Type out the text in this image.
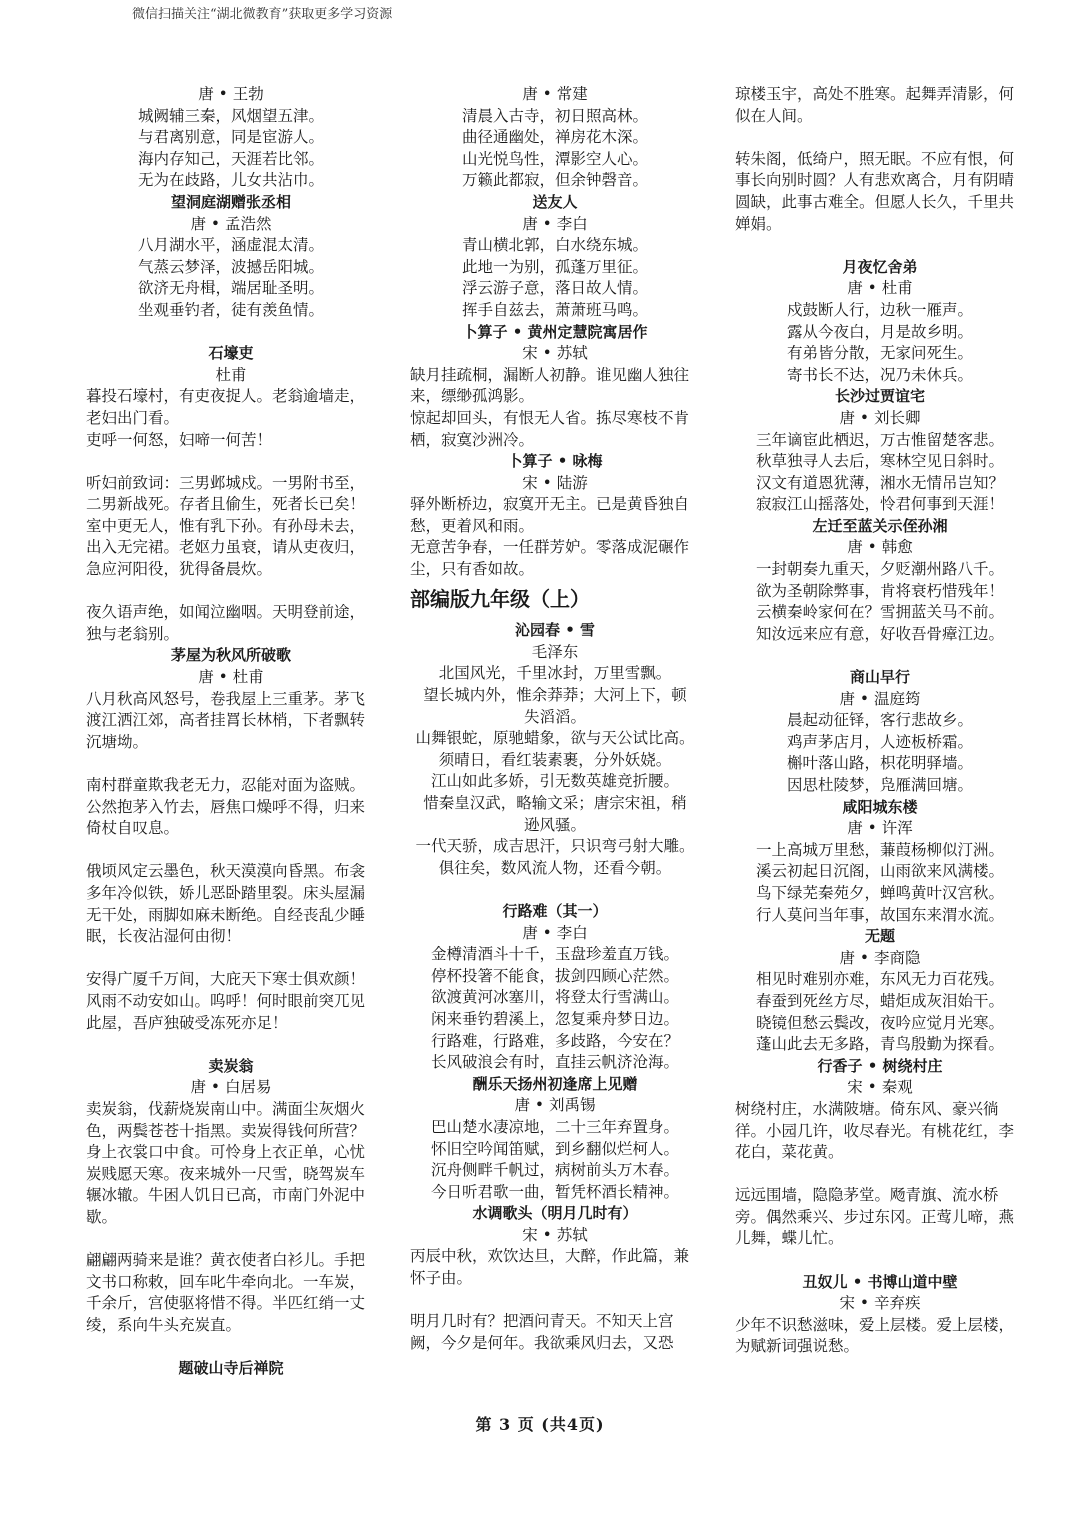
微信扫描关注“湖北微教育”获取更多学习资源
唐 • 王勃
城阙辅三秦，风烟望五津。
与君离别意，同是宦游人。
海内存知己，天涯若比邻。
无为在歧路，儿女共沾巾。
望洞庭湖赠张丞相
唐 • 孟浩然
八月湖水平，涵虚混太清。
气蒸云梦泽，波撼岳阳城。
欲济无舟楫，端居耻圣明。
坐观垂钓者，徒有羡鱼情。
石壕吏
杜甫
暮投石壕村，有吏夜捉人。老翁逾墙走，老妇出门看。
吏呼一何怒，妇啼一何苦！
听妇前致词：三男邺城戍。一男附书至，二男新战死。存者且偷生，死者长已矣！室中更无人，惟有乳下孙。有孙母未去，出入无完裙。老妪力虽衰，请从吏夜归，急应河阳役，犹得备晨炊。
夜久语声绝，如闻泣幽咽。天明登前途，独与老翁别。
茅屋为秋风所破歌
唐 • 杜甫
八月秋高风怒号，卷我屋上三重茅。茅飞渡江洒江郊，高者挂罥长林梢，下者飘转沉塘坳。
南村群童欺我老无力，忍能对面为盗贼。公然抱茅入竹去，唇焦口燥呼不得，归来倚杖自叹息。
俄顷风定云墨色，秋天漠漠向昏黑。布衾多年冷似铁，娇儿恶卧踏里裂。床头屋漏无干处，雨脚如麻未断绝。自经丧乱少睡眠，长夜沾湿何由彻！
安得广厦千万间，大庇天下寒士俱欢颜！风雨不动安如山。呜呼！何时眼前突兀见此屋，吾庐独破受冻死亦足！
卖炭翁
唐 • 白居易
卖炭翁，伐薪烧炭南山中。满面尘灰烟火色，两鬓苍苍十指黑。卖炭得钱何所营？身上衣裳口中食。可怜身上衣正单，心忧炭贱愿天寒。夜来城外一尺雪，晓驾炭车辗冰辙。牛困人饥日已高，市南门外泥中歇。
翩翩两骑来是谁？黄衣使者白衫儿。手把文书口称敕，回车叱牛牵向北。一车炭，千余斤，宫使驱将惜不得。半匹红绡一丈绫，系向牛头充炭直。
题破山寺后禅院
唐 • 常建
清晨入古寺，初日照高林。
曲径通幽处，禅房花木深。
山光悦鸟性，潭影空人心。
万籁此都寂，但余钟磬音。
送友人
唐 • 李白
青山横北郭，白水绕东城。
此地一为别，孤蓬万里征。
浮云游子意，落日故人情。
挥手自兹去，萧萧班马鸣。
卜算子 • 黄州定慧院寓居作
宋 • 苏轼
缺月挂疏桐，漏断人初静。谁见幽人独往来，缥缈孤鸿影。
惊起却回头，有恨无人省。拣尽寒枝不肯栖，寂寞沙洲冷。
卜算子 • 咏梅
宋 • 陆游
驿外断桥边，寂寞开无主。已是黄昏独自愁，更着风和雨。
无意苦争春，一任群芳妒。零落成泥碾作尘，只有香如故。
部编版九年级（上）
沁园春 • 雪
毛泽东
北国风光，千里冰封，万里雪飘。
望长城内外，惟余莽莽；大河上下，顿
失滔滔。
山舞银蛇，原驰蜡象，欲与天公试比高。
须晴日，看红装素裹，分外妖娆。
江山如此多娇，引无数英雄竞折腰。
惜秦皇汉武，略输文采；唐宗宋祖，稍
逊风骚。
一代天骄，成吉思汗，只识弯弓射大雕。
俱往矣，数风流人物，还看今朝。
行路难（其一）
唐 • 李白
金樽清酒斗十千，玉盘珍羞直万钱。
停杯投箸不能食，拔剑四顾心茫然。
欲渡黄河冰塞川，将登太行雪满山。
闲来垂钓碧溪上，忽复乘舟梦日边。
行路难，行路难，多歧路，今安在？
长风破浪会有时，直挂云帆济沧海。
酬乐天扬州初逢席上见赠
唐 • 刘禹锡
巴山楚水凄凉地，二十三年弃置身。
怀旧空吟闻笛赋，到乡翻似烂柯人。
沉舟侧畔千帆过，病树前头万木春。
今日听君歌一曲，暂凭杯酒长精神。
水调歌头（明月几时有）
宋 • 苏轼
丙辰中秋，欢饮达旦，大醉，作此篇，兼怀子由。
明月几时有？把酒问青天。不知天上宫阙，今夕是何年。我欲乘风归去，又恐
琼楼玉宇，高处不胜寒。起舞弄清影，何似在人间。
转朱阁，低绮户，照无眠。不应有恨，何事长向别时圆？人有悲欢离合，月有阴晴圆缺，此事古难全。但愿人长久，千里共婵娟。
月夜忆舍弟
唐 • 杜甫
戍鼓断人行，边秋一雁声。
露从今夜白，月是故乡明。
有弟皆分散，无家问死生。
寄书长不达，况乃未休兵。
长沙过贾谊宅
唐 • 刘长卿
三年谪宦此栖迟，万古惟留楚客悲。
秋草独寻人去后，寒林空见日斜时。
汉文有道恩犹薄，湘水无情吊岂知？
寂寂江山摇落处，怜君何事到天涯！
左迁至蓝关示侄孙湘
唐 • 韩愈
一封朝奏九重天，夕贬潮州路八千。
欲为圣朝除弊事，肯将衰朽惜残年！
云横秦岭家何在？雪拥蓝关马不前。
知汝远来应有意，好收吾骨瘴江边。
商山早行
唐 • 温庭筠
晨起动征铎，客行悲故乡。
鸡声茅店月，人迹板桥霜。
槲叶落山路，枳花明驿墙。
因思杜陵梦，凫雁满回塘。
咸阳城东楼
唐 • 许浑
一上高城万里愁，蒹葭杨柳似汀洲。
溪云初起日沉阁，山雨欲来风满楼。
鸟下绿芜秦苑夕，蝉鸣黄叶汉宫秋。
行人莫问当年事，故国东来渭水流。
无题
唐 • 李商隐
相见时难别亦难，东风无力百花残。
春蚕到死丝方尽，蜡炬成灰泪始干。
晓镜但愁云鬓改，夜吟应觉月光寒。
蓬山此去无多路，青鸟殷勤为探看。
行香子 • 树绕村庄
宋 • 秦观
树绕村庄，水满陂塘。倚东风、豪兴徜徉。小园几许，收尽春光。有桃花红，李花白，菜花黄。
远远围墙，隐隐茅堂。飏青旗、流水桥旁。偶然乘兴、步过东冈。正莺儿啼，燕儿舞，蝶儿忙。
丑奴儿 • 书博山道中壁
宋 • 辛弃疾
少年不识愁滋味，爱上层楼。爱上层楼，为赋新词强说愁。
第 3 页 (共4页)
